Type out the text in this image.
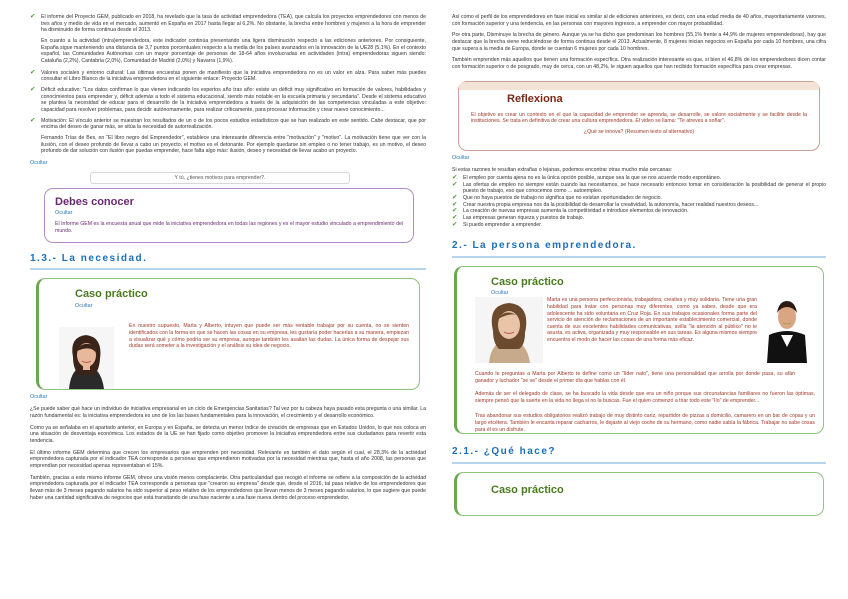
✔ El informe del Proyecto GEM, publicado en 2018, ha revelado que la tasa de actividad emprendedora (TEA), que calcula los proyectos emprendedores con menos de tres años y medio de vida en el mercado, aumentó en España en 2017 hasta llegar al 6,2%. No obstante, la brecha entre hombres y mujeres a la hora de emprender ha disminuido de forma continua desde el 2013.

En cuanto a la actividad (intra)emprendedora, este indicador continúa presentando una ligera disminución respecto a las ediciones anteriores. Por consiguiente, España sigue manteniendo una distancia de 3,7 puntos porcentuales respecto a la media de los países avanzados en la innovación de la UE28 (5,1%). En el contexto español, las Comunidades Autónomas con un mayor porcentaje de personas de 18-64 años involucradas en actividades (intra) emprendedoras siguen siendo: Cataluña (2,2%), Cantabria (2,0%), Comunidad de Madrid (2,0%) y Navarra (1,9%).

✔ Valores sociales y entorno cultural: Las últimas encuestas ponen de manifiesto que la iniciativa emprendedora no es un valor en alza. Para saber más puedes consultar el Libro Blanco de la iniciativa emprendedora en el siguiente enlace: Proyecto GEM.
✔ Déficit educativo: "Los datos confirman lo que vienen indicando los expertos año tras año: existe un déficit muy significativo en formación de valores, habilidades y conocimientos para emprender y, déficit además a todo el sistema educacional, siendo más notable en la escuela primaria y secundaria". Desde el sistema educativo se plantea la necesidad de educar para el desarrollo de la iniciativa emprendedora a través de la adquisición de las competencias vinculadas a este objetivo: capacidad para resolver problemas, para decidir autónomamente, para realizar críticamente, para procesar información y crear nuevo conocimiento...
✔ Motivación: El vínculo anterior se muestran los resultados de un o de los pocos estudios estadísticos que se han realizado en este sentido. Cabe destacar, que por encima del deseo de ganar más, se sitúa la necesidad de autorrealización.

Fernando Trías de Bes, en "El libro negro del Emprendedor", establece una interesante diferencia entre "motivación" y "motivo". La motivación tiene que ver con la ilusión, con el deseo profundo de llevar a cabo un proyecto, el motivo es el detonante. Por ejemplo quedarse sin empleo o no tener trabajo, es un motivo, el deseo profundo de dar solución con ilusión que puedas emprender, hace falta algo más: ilusión, deseo y necesidad de llevar acabo un proyecto.

Ocultar
Y tú, ¿tienes motivos para emprender?.
Debes conocer
Ocultar

El Informe GEM es la encuesta anual que mide la iniciativa emprendedora en todas las regiones y es el mayor estudio vinculado a emprendimiento del mundo.

1.3.- La necesidad.
Caso práctico
Ocultar

En nuestro supuesto, Marta y Alberto, intuyen que puede ser más rentable trabajar por su cuenta, no se sienten identificados con la forma en que se hacen las cosas en su empresa, les gustaría poder hacerlas a su manera, empiezan a visualizar qué y cómo podría ser su empresa, aunque también les asaltan las dudas. La única forma de despejar sus dudas será someter a la investigación y el análisis su idea de negocio.

Ocultar

¿Se puede saber qué hace un individuo de iniciativa empresarial en un ciclo de Emergencias Sanitarias? Tal vez por tu cabeza haya pasado esta pregunta o una similar. La razón fundamental es: la iniciativa emprendedora es uno de los las bases fundamentales para la innovación, el crecimiento y el desarrollo económico.

Como ya se señalaba en el apartado anterior, en Europa y en España, se detecta un menor índice de creación de empresas que en Estados Unidos, lo que nos coloca en una situación de desventaja económica. Los estados de la UE se han fijado como objetivo promover la iniciativa emprendedora entre sus ciudadanos para revertir esta tendencia.

El último informe GEM determina que crecen los empresarios que emprenden por necesidad. Relevante es también el dato según el cual, el 28,3% de la actividad emprendedora capturada por el indicador TEA corresponde a personas que emprendieron motivadas por la necesidad mientras que, hasta el año 2008, las personas que emprendían por necesidad apenas representaban el 15%.

También, gracias a este mismo informe GEM, ofrece una visión menos complaciente. Otra particularidad que recogió el informe se refiere a la composición de la actividad emprendedora capturada por el indicador TEA corresponde a personas que "crearon su empresa" desde que, desde el 2016, tal pasa relativo de los emprendedores que llevan más de 3 meses pagando salarios ha sido superior al peso relativo de los emprendedores que llevan menos de 3 meses pagando salarios, lo que sugiere que puede haber una cantidad significativa de negocios que está transitando de una fase naciente a una fase nueva dentro del proceso emprendedor.

Así como el perfil de los emprendedores en fase inicial es similar al de ediciones anteriores, es decir, con una edad media de 40 años, mayoritariamente varones, con formación superior y una tendencia, en las personas con mayores ingresos, a emprender con mayor probabilidad.

Por otra parte, Disminuye la brecha de género. Aunque ya se ha dicho que predominan los hombres (55,1% frente a 44,9% de mujeres emprendedoras), hay que destacar que la brecha viene reduciéndose de forma continua desde el 2013. Actualmente, 8 mujeres inician negocios en España por cada 10 hombres, una cifra que supera a la media de Europa, donde se cuentan 6 mujeres por cada 10 hombres.

También emprenden más aquellos que tienen una formación específica. Otra realización interesante es que, si bien el 46,8% de los emprendedores dicen contar con formación superior o de posgrado, muy de cerca, con un 48,2%, le siguen aquellos que han recibido formación específica para crear empresas.

Reflexiona

El objetivo es crear un contexto en el que la capacidad de emprender se aprenda, se desarrolle, se valore socialmente y se facilite desde la instituciones. Se trata en definitiva de crear una cultura emprendedora. El video se llama: "Te atreves a soñar".

¿Qué se innova? (Resumen texto al alternativo)

Ocultar

Si estas razones te resultan extrañas o lejanas, podemos encontrar otras mucho más cercanas:

✔ El empleo por cuenta ajena no es la única opción posible, aunque sea la que se nos acuerde modo espontáneo.
✔ Las ofertas de empleo no siempre están cuando las necesitamos, se hace necesario entonces tomar en consideración la posibilidad de generar el propio puesto de trabajo, eso que conocemos como ... autoempleo.
✔ Que no haya puestos de trabajo no significa que no existan oportunidades de negocio.
✔ Crear nuestra propia empresa nos da la posibilidad de desarrollar la creatividad, la autonomía, hacer realidad nuestros deseos...
✔ La creación de nuevas empresas aumenta la competitividad e introduce elementos de innovación.
✔ Las empresas generan riqueza y puestos de trabajo.
✔ Si puedo emprender a emprender.
2.- La persona emprendedora.
Caso práctico
Ocultar

Marta es una persona perfeccionista, trabajadora, creativa y muy solidaria. Tiene una gran habilidad para tratar con personas muy diferentes, como ya sabes, desde que era adolescente ha sido voluntaria en Cruz Roja. En sus trabajos ocasionales forma parte del servicio de atención de reclamaciones de un importante establecimiento comercial, donde cuenta de sus excelentes habilidades comunicativas, avilla "la atención al público" no le asusta, es activa, organizada y muy responsable en sus tareas. Es alguna mismos siempre encuentra el modo de hacer las cosas de una forma más eficaz.

Cuando le preguntas a Marta por Alberto te define como un "líder nato", tiene una personalidad que arrolla por donde pasa, su afán ganador y luchador "se ve" desde el primer día que hablas con él.

Además de ser el delegado de clase, se ha buscado la vida desde que era un niño porque sus circunstancias familiares no fueron las óptimas, siempre pensó que la suerte en la vida no llega si no la buscas. Fue el quien comenzó a tirar todo este "lío" de emprender...

Tras abandonar sus estudios obligatorios realizó trabajo de muy distinto cariz, repartidor de pizzas a domicilio, camarero en un bar de copas y un largo etcétera. También le encanta reparar cacharros, le dejaste al viejo coche de su hermano, como nadie sabía la fábrica. Trabajar no sabe cosas para él es un disfrute.

2.1.- ¿Qué hace?
Caso práctico
